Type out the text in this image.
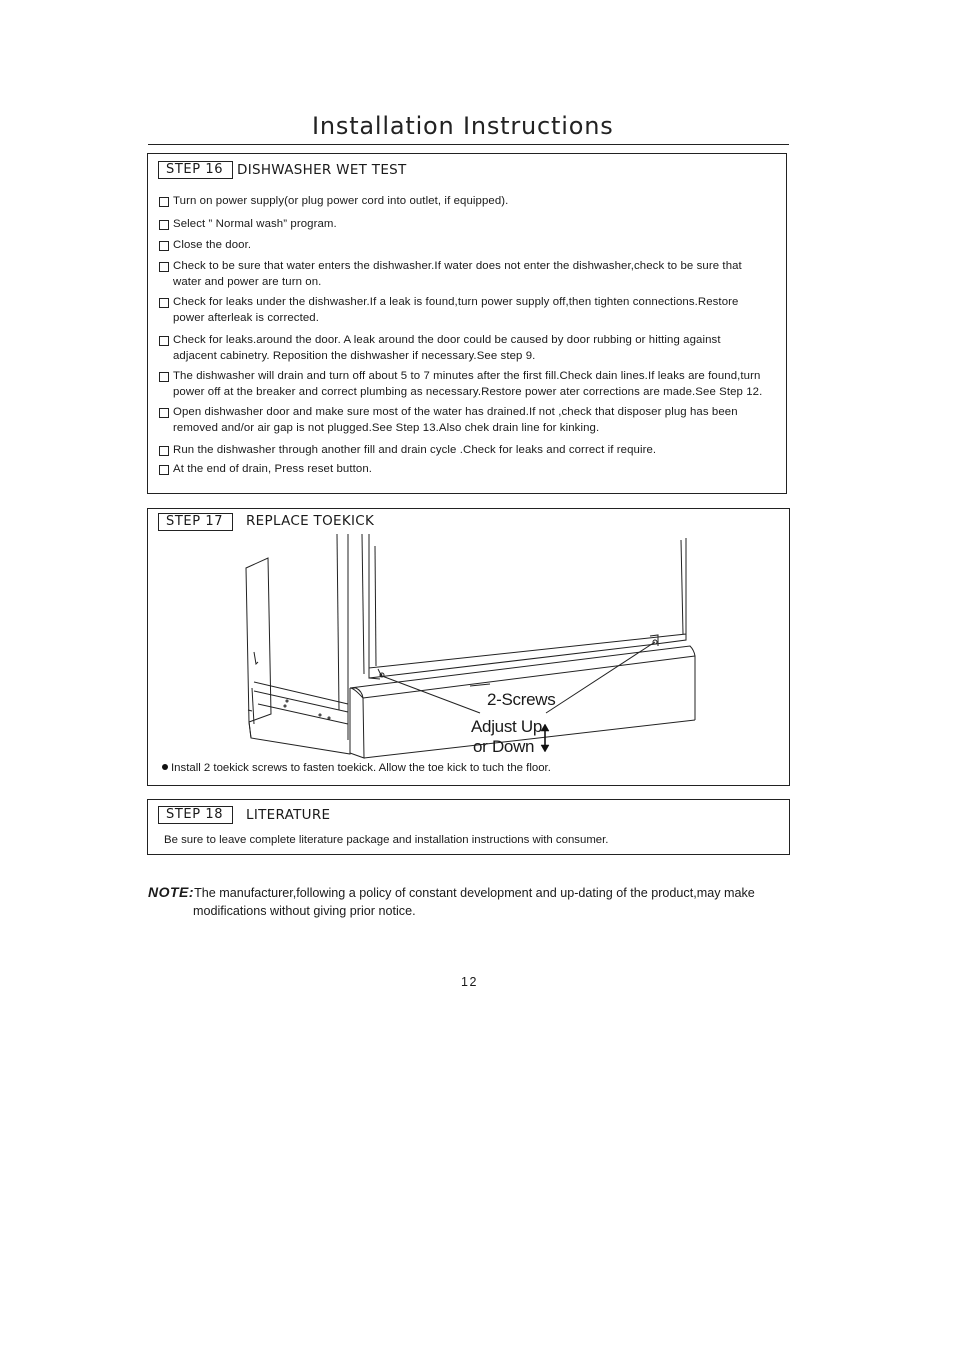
Installation Instructions
STEP 16	DISHWASHER WET TEST
Turn on power supply(or plug power cord into outlet, if equipped).
Select ” Normal wash” program.
Close the door.
Check to be sure that water enters the dishwasher.If water does not enter the dishwasher,check to be sure that
water and power are turn on.
Check for leaks under the dishwasher.If a leak is found,turn power supply off,then tighten connections.Restore
power afterleak is corrected.
Check for leaks.around the door. A leak around the door could be caused by door rubbing or hitting against
adjacent cabinetry. Reposition the dishwasher if necessary.See step 9.
The dishwasher will drain and turn off about 5 to 7 minutes after the first fill.Check dain lines.If leaks are found,turn
power off at the breaker and correct plumbing as necessary.Restore power ater corrections are made.See Step 12.
Open dishwasher door and make sure most of the water has drained.If not ,check that disposer plug has been
removed and/or air gap is not plugged.See Step 13.Also chek drain line for kinking.
Run the dishwasher through another fill and drain cycle .Check for leaks and correct if require.
At the end of drain, Press reset button.
STEP 17	REPLACE TOEKICK
2-Screws
Adjust Up
or Down
Install 2 toekick screws to fasten toekick. Allow the toe kick to tuch the floor.
STEP 18	LITERATURE
Be sure to leave complete literature package and installation instructions with consumer.
NOTE:The manufacturer,following a policy of constant development and up-dating of the product,may make
modifications without giving prior notice.
12
